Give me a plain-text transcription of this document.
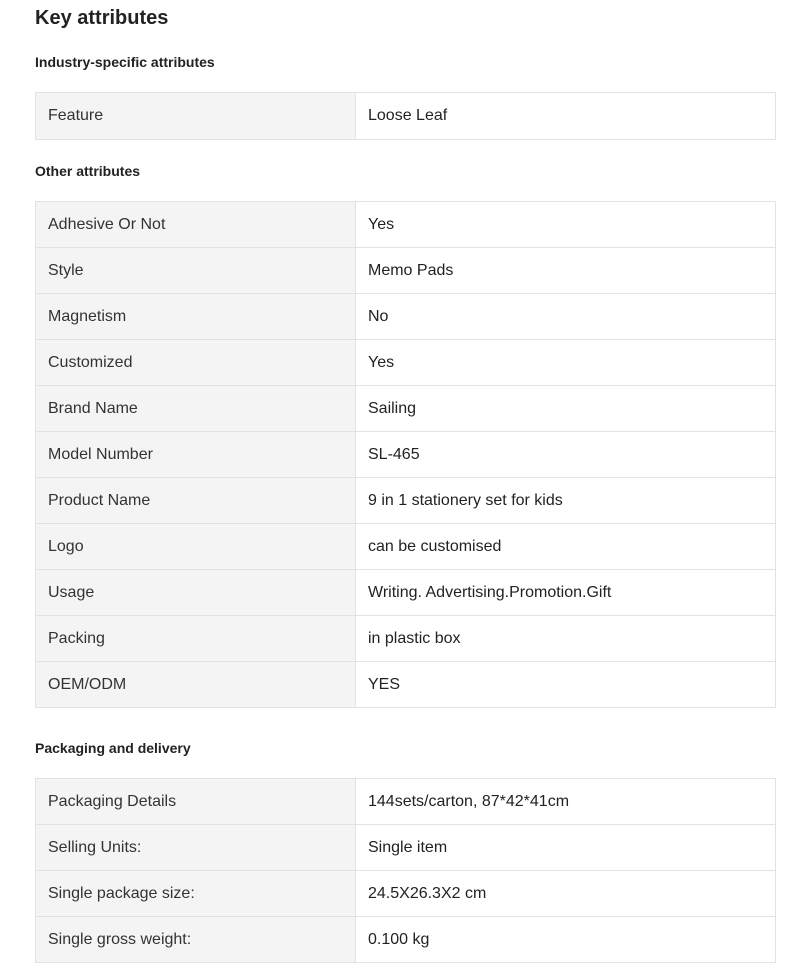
Key attributes
Industry-specific attributes
Feature	Loose Leaf
Other attributes
Adhesive Or Not	Yes
Style	Memo Pads
Magnetism	No
Customized	Yes
Brand Name	Sailing
Model Number	SL-465
Product Name	9 in 1 stationery set for kids
Logo	can be customised
Usage	Writing. Advertising.Promotion.Gift
Packing	in plastic box
OEM/ODM	YES
Packaging and delivery
Packaging Details	144sets/carton, 87*42*41cm
Selling Units:	Single item
Single package size:	24.5X26.3X2 cm
Single gross weight:	0.100 kg
